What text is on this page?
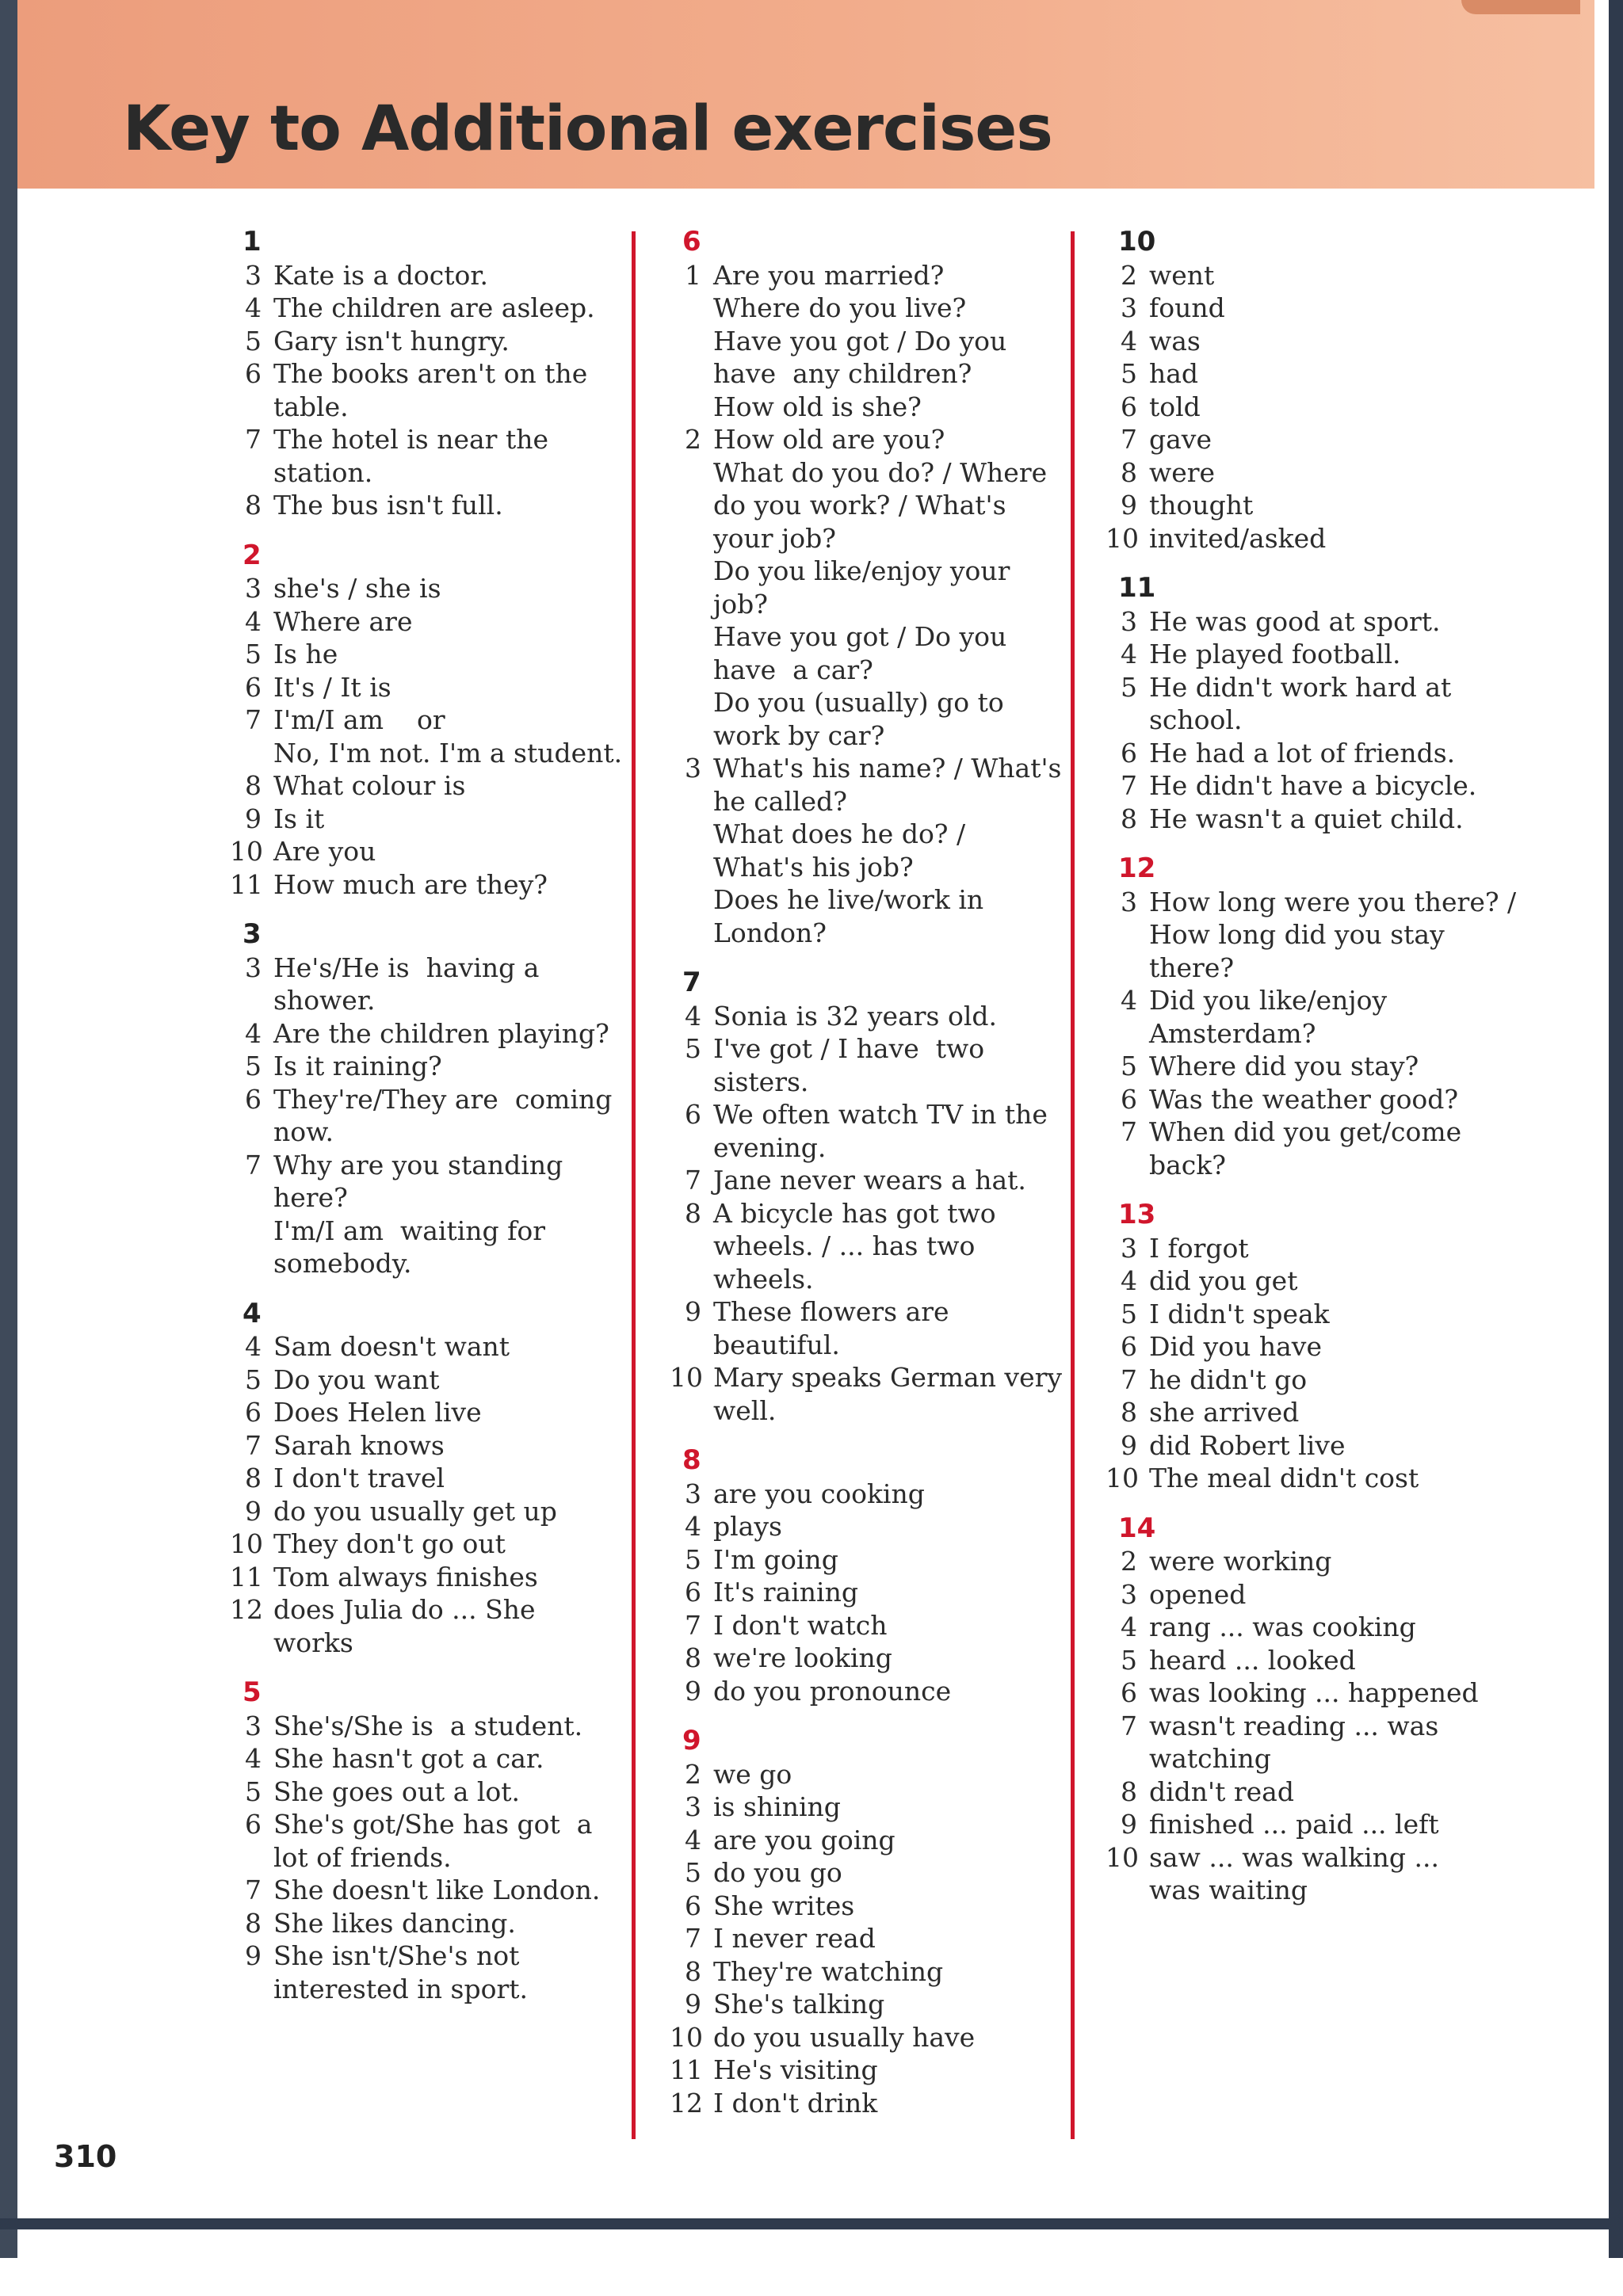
Key to Additional exercises
1
3 Kate is a doctor.
4 The children are asleep.
5 Gary isn't hungry.
6 The books aren't on the
table.
7 The hotel is near the
station.
8 The bus isn't full.
2
3 she's / she is
4 Where are
5 Is he
6 It's / It is
7 I'm/I am    or
No, I'm not. I'm a student.
8 What colour is
9 Is it
10 Are you
11 How much are they?
3
3 He's/He is  having a
shower.
4 Are the children playing?
5 Is it raining?
6 They're/They are  coming
now.
7 Why are you standing
here?
I'm/I am  waiting for
somebody.
4
4 Sam doesn't want
5 Do you want
6 Does Helen live
7 Sarah knows
8 I don't travel
9 do you usually get up
10 They don't go out
11 Tom always finishes
12 does Julia do ... She
works
5
3 She's/She is  a student.
4 She hasn't got a car.
5 She goes out a lot.
6 She's got/She has got  a
lot of friends.
7 She doesn't like London.
8 She likes dancing.
9 She isn't/She's not
interested in sport.
6
1 Are you married?
Where do you live?
Have you got / Do you
have  any children?
How old is she?
2 How old are you?
What do you do? / Where
do you work? / What's
your job?
Do you like/enjoy your
job?
Have you got / Do you
have  a car?
Do you (usually) go to
work by car?
3 What's his name? / What's
he called?
What does he do? /
What's his job?
Does he live/work in
London?
7
4 Sonia is 32 years old.
5 I've got / I have  two
sisters.
6 We often watch TV in the
evening.
7 Jane never wears a hat.
8 A bicycle has got two
wheels. / ... has two
wheels.
9 These flowers are
beautiful.
10 Mary speaks German very
well.
8
3 are you cooking
4 plays
5 I'm going
6 It's raining
7 I don't watch
8 we're looking
9 do you pronounce
9
2 we go
3 is shining
4 are you going
5 do you go
6 She writes
7 I never read
8 They're watching
9 She's talking
10 do you usually have
11 He's visiting
12 I don't drink
10
2 went
3 found
4 was
5 had
6 told
7 gave
8 were
9 thought
10 invited/asked
11
3 He was good at sport.
4 He played football.
5 He didn't work hard at
school.
6 He had a lot of friends.
7 He didn't have a bicycle.
8 He wasn't a quiet child.
12
3 How long were you there? /
How long did you stay
there?
4 Did you like/enjoy
Amsterdam?
5 Where did you stay?
6 Was the weather good?
7 When did you get/come
back?
13
3 I forgot
4 did you get
5 I didn't speak
6 Did you have
7 he didn't go
8 she arrived
9 did Robert live
10 The meal didn't cost
14
2 were working
3 opened
4 rang ... was cooking
5 heard ... looked
6 was looking ... happened
7 wasn't reading ... was
watching
8 didn't read
9 finished ... paid ... left
10 saw ... was walking ...
was waiting
310
